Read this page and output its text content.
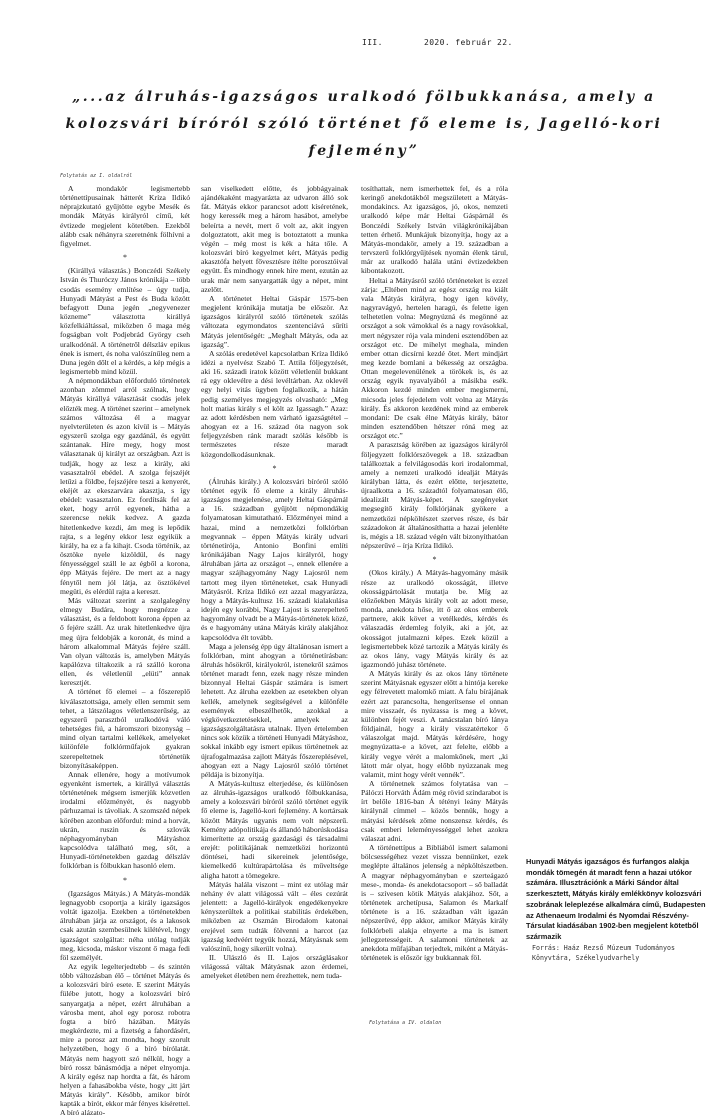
III.	2020. február 22.
„...az álruhás-igazságos uralkodó fölbukkanása, amely a kolozsvári bíróról szóló történet fő eleme is, Jagelló-kori fejlemény”
Folytatás az I. oldalról

A mondakör legismertebb történettípusainak hátterét Kríza Ildikó néprajzkutató gyűjtötte egybe Mesék és mondák Mátyás királyról című, két évtizede megjelent kötetében. Ezekből alább csak néhányra szeretnénk fölhívni a figyelmet.

*

(Királlyá választás.) Bonczédi Székely István és Thuróczy János krónikája – több csodás esemény említése – úgy tudja, Hunyadi Mátyást a Pest és Buda között befagyott Duna jegén „negyvenezer közneme” választotta királlyá közfelkiáltással, miközben ő maga még fogságban volt Podjebrád György cseh uralkodónál. A történetről délszláv epikus ének is ismert, és noha valószínűleg nem a Duna jegén dőlt el a kérdés, a kép mégis a legismertebb mind közül.

A népmondákban előforduló történetek azonban zömmel arról szólnak, hogy Mátyás királlyá választását csodás jelek előzték meg. A történet szerint – amelynek számos változása él a magyar nyelvterületen és azon kívül is – Mátyás egyszerű szolga egy gazdánál, és együtt szántanak. Híre megy, hogy most választanak új királyt az országban. Azt is tudják, hogy az lesz a király, aki vasasztalról ebédel. A szolga fejszéjét letűzi a földbe, fejszéjére teszi a kenyerét, ekéjét az ekeszarvára akasztja, s így ebédel: vasasztalon. Ez fordítsák fel az eket, hogy arról egyenek, hátha a szerencse nekik kedvez. A gazda hitetlenkedve kezdi, ám meg is lepődik rajta, s a legény ekkor lesz egyikük a király, ha ez a fa kihajt. Csoda történik, az ösztöke nyele kizöldül, és nagy fényességgel száll le az égből a korona, épp Mátyás fejére. De mert az a nagy fénytől nem jól látja, az ösztökével megüti, és elérdül rajta a kereszt.

Más változat szerint a szolgalegény elmegy Budára, hogy megnézze a választást, és a feldobott korona éppen az ő fejére száll. Az urak hitetlenkedve újra meg újra feldobják a koronát, és mind a három alkalommal Mátyás fejére száll. Van olyan változás is, amelyben Mátyás kapálózva tiltakozik a rá szálló korona ellen, és véletlenül „elüti” annak keresztjét.

A történet fő elemei – a főszereplő kiválasztottsága, amely ellen semmit sem tehet, a látszólagos véletlenszerűség, az egyszerű parasztból uralkodóvá váló tehetséges fiú, a háromszori bizonyság – mind olyan tartalmi kellékek, amelyeket különféle folklórműfajok gyakran szerepeltetnek történetük bizonyításaképpen.

Annak ellenére, hogy a motívumok egyenként ismertek, a királlyá választás történetének mégsem ismerjük közvetlen irodalmi előzményét, és nagyobb párhuzamai is távoliak. A szomszéd népek körében azonban előfordul: mind a horvát, ukrán, ruszin és szlovák néphagyományban Mátyáshoz kapcsolódva található meg, sőt, a Hunyadi-történetekben gazdag délszláv folklórban is fölbukkan hasonló elem.

*

(Igazságos Mátyás.) A Mátyás-mondák legnagyobb csoportja a király igazságos voltát igazolja. Ezekben a történetekben álruhában járja az országot, és a lakosok csak azután szembesülnek kilétével, hogy igazságot szolgáltat: néha utólag tudják meg, kicsoda, máskor viszont ő maga fedi föl személyét.

Az egyik legelterjedtebb – és szintén több változásban élő – történet Mátyás és a kolozsvári bíró esete. E szerint Mátyás fülébe jutott, hogy a kolozsvári bíró sanyargatja a népet, ezért álruhában a városba ment, ahol egy porosz robotra fogta a bíró házában. Mátyás megkérdezte, mi a fizetség a fahordásért, mire a porosz azt mondta, hogy szorult helyzetében, hogy ő a bíró bírólatát. Mátyás nem hagyott szó nélkül, hogy a bíró rossz bánásmódja a népet elnyomja. A király egész nap hordta a fát, és három helyen a fahasábokba véste, hogy „itt járt Mátyás király”. Később, amikor bírót kapták a bírót, ekkor már fényes kísérettel. A bíró alázato-

san viselkedett előtte, és jobbágyainak ajándékaként magyarázta az udvaron álló sok fát. Mátyás ekkor parancsot adott kíséretének, hogy keressék meg a három hasábot, amelybe beleírta a nevét, mert ő volt az, akit ingyen dolgoztatott, akit meg is botoztatott a munka végén – még most is kék a háta tőle. A kolozsvári bíró kegyelmet kért, Mátyás pedig akasztófa helyett fővesztésre ítélte porosztóival együtt. És mindhogy ennek híre ment, ezután az urak már nem sanyargatták úgy a népet, mint azelőtt.

A történetet Heltai Gáspár 1575-ben megjelent krónikája mutatja be először. Az igazságos királyról szóló történetek szólás változata egymondatos szentenciává sűríti Mátyás jelentőségét: „Meghalt Mátyás, oda az igazság”.

A szólás eredetével kapcsolatban Kríza Ildikó idézi a nyelvész Szabó T. Attila följegyzését, aki 16. századi iratok között véletlenül bukkant rá egy oklevélre a dési levéltárban. Az oklevél egy helyi vitás ügyben foglalkozik, a hátán pedig személyes megjegyzés olvasható: „Meg holt matias király s el költ az Igassagh.” Azaz: az adott kérdésben nem várható igazságtétel – ahogyan ez a 16. század óta nagyon sok feljegyzésben ránk maradt szólás később is természetes része maradt közgondolkodásunknak.

*

(Álruhás király.) A kolozsvári bíróról szóló történet egyik fő eleme a király álruhás-igazságos megjelenése, amely Heltai Gáspárnál a 16. században gyűjtött népmondákig folyamatosan kimutatható. Előzményei mind a hazai, mind a nemzetközi folklórban megvannak – éppen Mátyás király udvari történetírója, Antonio Bonfini emlíŧi krónikájában Nagy Lajos királyról, hogy álruhában járta az országot –, ennek ellenére a magyar szájhagyomány Nagy Lajosról nem tartott meg ilyen történeteket, csak Hunyadi Mátyásról. Kríza Ildikó ezt azzal magyarázza, hogy a Mátyás-kultusz 16. századi kialakulása idején egy korábbi, Nagy Lajost is szerepeltető hagyomány olvadt be a Mátyás-történetek közé, és e hagyomány utána Mátyás király alakjához kapcsolódva élt tovább.

Maga a jelenség épp úgy általánosan ismert a folklórban, mint ahogyan a történetírásban: álruhás hősökről, királyokról, istenekről számos történet maradt fenn, ezek nagy része minden bizonnyal Heltai Gáspár számára is ismert lehetett. Az álruha ezekben az esetekben olyan kellék, amelynek segítségével a különféle események elbeszélhetők, azokkal a végkövetkeztetésekkel, amelyek az igazságszolgáltatásra utalnak. Ilyen értelemben nincs sok közük a történeti Hunyadi Mátyáshoz, sokkal inkább egy ismert epikus történetnek az újrafogalmazása zajlott Mátyás főszereplésével, ahogyan ezt a Nagy Lajosról szóló történet példája is bizonyítja.

A Mátyás-kultusz elterjedése, és különösen az álruhás-igazságos uralkodó fölbukkanása, amely a kolozsvári bíróról szóló történet egyik fő eleme is, Jagelló-kori fejlemény. A kortársak között Mátyás ugyanis nem volt népszerű. Kemény adópolitikája és állandó háborúskodása kimerítette az ország gazdasági és társadalmi erejét: politikájának nemzetközi horizontú döntései, hadi sikereinek jelentősége, kiemelkedő kultúrapártolása és műveltsége aligha hatott a tömegekre.

Mátyás halála viszont – mint ez utólag már nehány év alatt világossá vált – éles cezúrát jelentett: a Jagelló-királyok engedékenyekre kényszerültek a politikai stabilitás érdekében, miközben az Oszmán Birodalom katonai erejével sem tudták fölvenni a harcot (az igazság kedvéért tegyük hozzá, Mátyásnak sem valószínű, hogy sikerült volna).

II. Ulászló és II. Lajos országlásakor világossá váltak Mátyásnak azon érdemei, amelyeket életében nem érezhettek, nem tuda-

tosíthattak, nem ismerhettek fel, és a róla keringő anekdotákból megszületett a Mátyás-mondakincs. Az igazságos, jó, okos, nemzeti uralkodó képe már Heltai Gáspárnál és Bonczédi Székely István világkrónikájában tetten érhető. Munkájuk bizonyítja, hogy az a Mátyás-mondakör, amely a 19. században a tervszerű folklórgyűjtések nyomán élenk tárul, már az uralkodó halála utáni évtizedekben kibontakozott.

Heltai a Mátyásról szóló történeteket is ezzel zárja: „Eltében mind az egész ország rea kiált vala Mátyás királyra, hogy igen kövély, nagyravágyó, hertelen haragú, és felette igen telhetetlen volna: Megnyúzná és megönné az országot a sok vámokkal és a nagy rovásokkal, mert négyszer rója vala mindeni esztendőben az országot etc. De mihelyt meghala, minden ember ottan dicsírni kezdé őtet. Mert mindjárt meg kezde bomlani a békesség az országba. Ottan megelevenülének a törökek is, és az ország egyik nyavalyából a másikba esék. Akkoron kezdé minden ember megismerni, micsoda jeles fejedelem volt volna az Mátyás király. És akkoron kezdének mind az emberek mondani: De csak élne Mátyás király, bátor minden esztendőben hétszer róná meg az országot etc.”

A parasztság körében az igazságos királyról följegyzett folklórszövegek a 18. században találkoztak a felvilágosodás kori irodalommal, amely a nemzeti uralkodó idealját Mátyás királyban látta, és ezért előtte, terjesztette, újraalkotta a 16. századtól folyamatosan élő, idealizált Mátyás-képet. A szegényeket megsegítő király folklórjának gyökere a nemzetközi népköltészet szerves része, és bár századokon át általánosíthatta a hazai jelenléte is, mégis a 18. század végén vált bizonyíthatóan népszerűvé – írja Kríza Ildikó.

*

(Okos király.) A Mátyás-hagyomány másik része az uralkodó okosságát, illetve okosságpártolását mutatja be. Míg az előzőekben Mátyás király volt az adott mese, mondа, anekdota hőse, itt ő az okos emberek partnere, akik követ a vetélkedés, kérdés és válaszadás érdemleg folyik, aki a jót, az okosságot jutalmazni képes. Ezek közül a legismertebbek közé tartozik a Mátyás király és az okos lány, vagy Mátyás király és az igazmondó juhász története.

A Mátyás király és az okos lány története szerint Mátyásnak egyszer előtt a hintója kereke egy félrevetett malomkő miatt. A falu bírájának ezért azt parancsolta, hengerítsense el onnan mire visszaér, és nyúzassa is meg a követ, különben fejét veszi. A tanácstalan bíró lánya földjainál, hogy a király visszatértekor ő válaszolgat majd. Mátyás kérdésére, hogy megnyúzatta-e a követ, azt felelte, előbb a király vegye vérét a malomkőnek, mert „ki látott már olyat, hogy előbb nyúzzanak meg valamit, mint hogy vérét vennék”.

A történetnek számos folytatása van – Pálóczi Horváth Ádám még rövid színdarabot is írt belőle 1816-ban Á tétényi leány Mátyás királynál címmel – közös bennük, hogy a mátyási kérdések zőme nonszensz kérdés, és csak emberi leleményességgel lehet azokra válaszat adni.

A történettípus a Bibliából ismert salamoni bölcsességéhez vezet vissza bennünket, ezek meglépte általános jelenség a népköltészetben. A magyar néphagyományban e szerteágazó mese-, monda- és anekdotacsoport – ső balladát is – szívesen kötik Mátyás alakjához. Sőt, a történetek archetípusa, Salamon és Markalf története is a 16. században vált igazán népszerűvé, épp akkor, amikor Mátyás király folklórbeli alakja elnyerte a ma is ismert jellegzetességeit. A salamoni történetek az anekdota műfajában terjedtek, miként a Mátyás-történetek is először így bukkannak föl.

Folytatása a IV. oldalon
Hunyadi Mátyás igazságos és furfangos alakja mondák tömegén át maradt fenn a hazai utókor számára. Illusztrációnk a Márki Sándor által szerkesztett, Mátyás király emlékkönyv kolozsvári szobrának leleplezése alkalmára című, Budapesten az Athenaeum Irodalmi és Nyomdai Részvény-Társulat kiadásában 1902-ben megjelent kötetből származik
Forrás: Haáz Rezső Múzeum Tudományos Könyvtára, Székelyudvarhely
